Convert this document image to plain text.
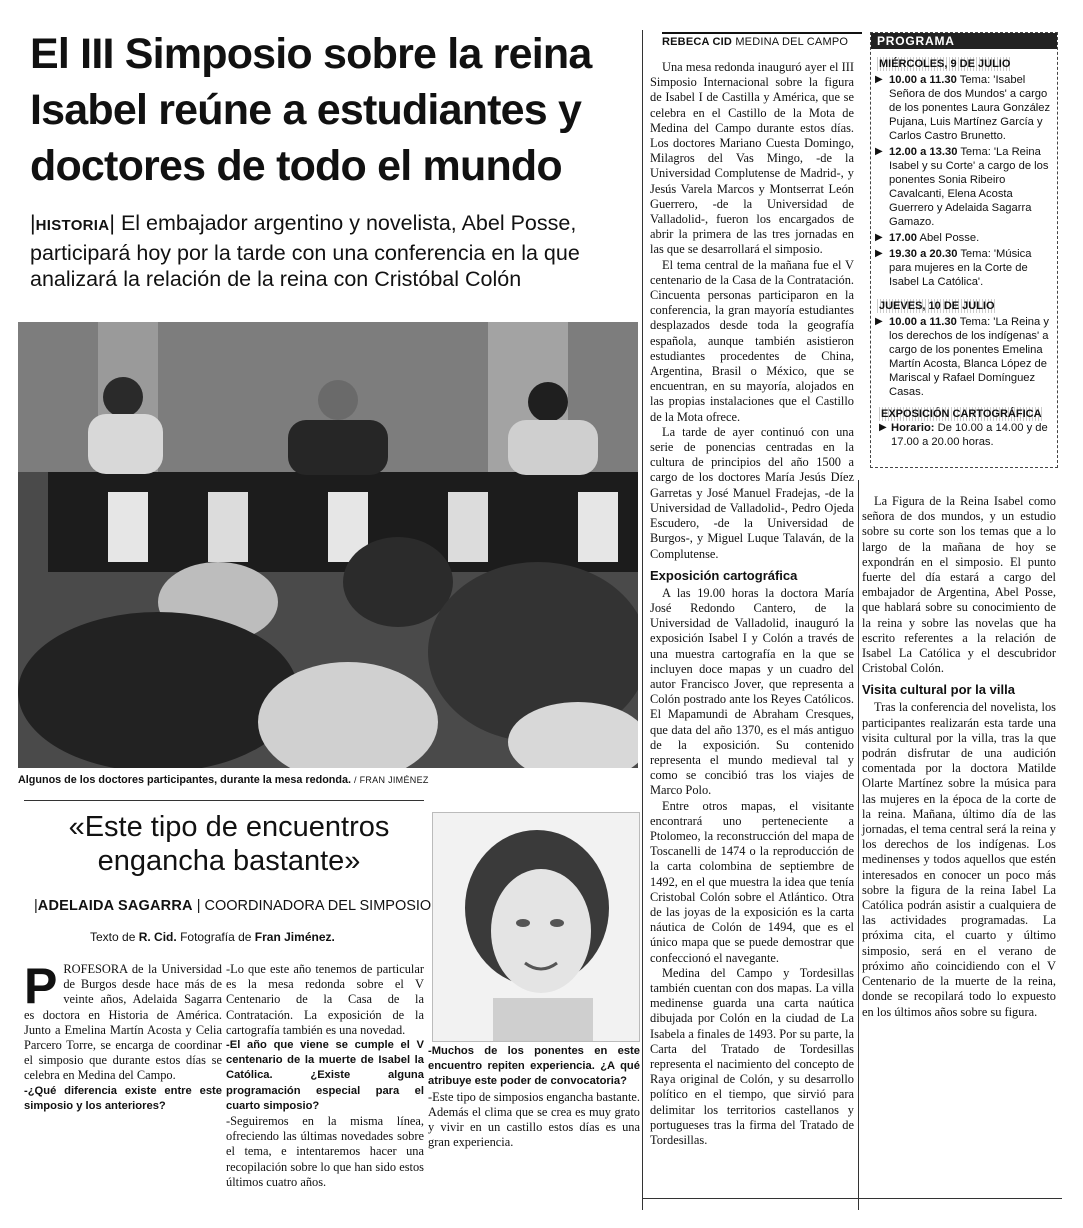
El III Simposio sobre la reina Isabel reúne a estudiantes y doctores de todo el mundo
|HISTORIA| El embajador argentino y novelista, Abel Posse, participará hoy por la tarde con una conferencia en la que analizará la relación de la reina con Cristóbal Colón
Algunos de los doctores participantes, durante la mesa redonda. / FRAN JIMÉNEZ
«Este tipo de encuentros engancha bastante»
|ADELAIDA SAGARRA | COORDINADORA DEL SIMPOSIO
Texto de R. Cid. Fotografía de Fran Jiménez.

PROFESORA de la Universidad de Burgos desde hace más de veinte años, Adelaida Sagarra es doctora en Historia de América. Junto a Emelina Martín Acosta y Celia Parcero Torre, se encarga de coordinar el simposio que durante estos días se celebra en Medina del Campo.

-¿Qué diferencia existe entre este simposio y los anteriores?

-Lo que este año tenemos de particular es la mesa redonda sobre el V Centenario de la Casa de la Contratación. La exposición de la cartografía también es una novedad.

-El año que viene se cumple el V centenario de la muerte de Isabel la Católica. ¿Existe alguna programación especial para el cuarto simposio?

-Seguiremos en la misma línea, ofreciendo las últimas novedades sobre el tema, e intentaremos hacer una recopilación sobre lo que han sido estos últimos cuatro años.

-Muchos de los ponentes en este encuentro repiten experiencia. ¿A qué atribuye este poder de convocatoria?

-Este tipo de simposios engancha bastante. Además el clima que se crea es muy grato y vivir en un castillo estos días es una gran experiencia.

REBECA CID MEDINA DEL CAMPO

Una mesa redonda inauguró ayer el III Simposio Internacional sobre la figura de Isabel I de Castilla y América, que se celebra en el Castillo de la Mota de Medina del Campo durante estos días. Los doctores Mariano Cuesta Domingo, Milagros del Vas Mingo, -de la Universidad Complutense de Madrid-, y Jesús Varela Marcos y Montserrat León Guerrero, -de la Universidad de Valladolid-, fueron los encargados de abrir la primera de las tres jornadas en las que se desarrollará el simposio.

El tema central de la mañana fue el V centenario de la Casa de la Contratación. Cincuenta personas participaron en la conferencia, la gran mayoría estudiantes desplazados desde toda la geografía española, aunque también asistieron estudiantes procedentes de China, Argentina, Brasil o México, que se encuentran, en su mayoría, alojados en las propias instalaciones que el Castillo de la Mota ofrece.

La tarde de ayer continuó con una serie de ponencias centradas en la cultura de principios del año 1500 a cargo de los doctores María Jesús Díez Garretas y José Manuel Fradejas, -de la Universidad de Valladolid-, Pedro Ojeda Escudero, -de la Universidad de Burgos-, y Miguel Luque Talaván, de la Complutense.

Exposición cartográfica

A las 19.00 horas la doctora María José Redondo Cantero, de la Universidad de Valladolid, inauguró la exposición Isabel I y Colón a través de una muestra cartografía en la que se incluyen doce mapas y un cuadro del autor Francisco Jover, que representa a Colón postrado ante los Reyes Católicos. El Mapamundi de Abraham Cresques, que data del año 1370, es el más antiguo de la exposición. Su contenido representa el mundo medieval tal y como se concibió tras los viajes de Marco Polo.

Entre otros mapas, el visitante encontrará uno perteneciente a Ptolomeo, la reconstrucción del mapa de Toscanelli de 1474 o la reproducción de la carta colombina de septiembre de 1492, en el que muestra la idea que tenía Cristobal Colón sobre el Atlántico. Otra de las joyas de la exposición es la carta náutica de Colón de 1494, que es el único mapa que se puede demostrar que confeccionó el navegante.

Medina del Campo y Tordesillas también cuentan con dos mapas. La villa medinense guarda una carta naútica dibujada por Colón en la ciudad de La Isabela a finales de 1493. Por su parte, la Carta del Tratado de Tordesillas representa el nacimiento del concepto de Raya original de Colón, y su desarrollo político en el tiempo, que sirvió para delimitar los territorios castellanos y portugueses tras la firma del Tratado de Tordesillas.

La Figura de la Reina Isabel como señora de dos mundos, y un estudio sobre su corte son los temas que a lo largo de la mañana de hoy se expondrán en el simposio. El punto fuerte del día estará a cargo del embajador de Argentina, Abel Posse, que hablará sobre su conocimiento de la reina y sobre las novelas que ha escrito referentes a la relación de Isabel La Católica y el descubridor Cristobal Colón.

Visita cultural por la villa

Tras la conferencia del novelista, los participantes realizarán esta tarde una visita cultural por la villa, tras la que podrán disfrutar de una audición comentada por la doctora Matilde Olarte Martínez sobre la música para las mujeres en la época de la corte de la reina. Mañana, último día de las jornadas, el tema central será la reina y los derechos de los indígenas. Los medinenses y todos aquellos que estén interesados en conocer un poco más sobre la figura de la reina Iabel La Católica podrán asistir a cualquiera de las actividades programadas. La próxima cita, el cuarto y último simposio, será en el verano de próximo año coincidiendo con el V Centenario de la muerte de la reina, donde se recopilará todo lo expuesto en los últimos años sobre su figura.

PROGRAMA
MIÉRCOLES, 9 DE JULIO
▶ 10.00 a 11.30 Tema: 'Isabel Señora de dos Mundos' a cargo de los ponentes Laura González Pujana, Luis Martínez García y Carlos Castro Brunetto.
▶ 12.00 a 13.30 Tema: 'La Reina Isabel y su Corte' a cargo de los ponentes Sonia Ribeiro Cavalcanti, Elena Acosta Guerrero y Adelaida Sagarra Gamazo.
▶ 17.00 Abel Posse.
▶ 19.30 a 20.30 Tema: 'Música para mujeres en la Corte de Isabel La Católica'.
JUEVES, 10 DE JULIO
▶ 10.00 a 11.30 Tema: 'La Reina y los derechos de los indígenas' a cargo de los ponentes Emelina Martín Acosta, Blanca López de Mariscal y Rafael Domínguez Casas.
EXPOSICIÓN CARTOGRÁFICA
▶ Horario: De 10.00 a 14.00 y de 17.00 a 20.00 horas.
